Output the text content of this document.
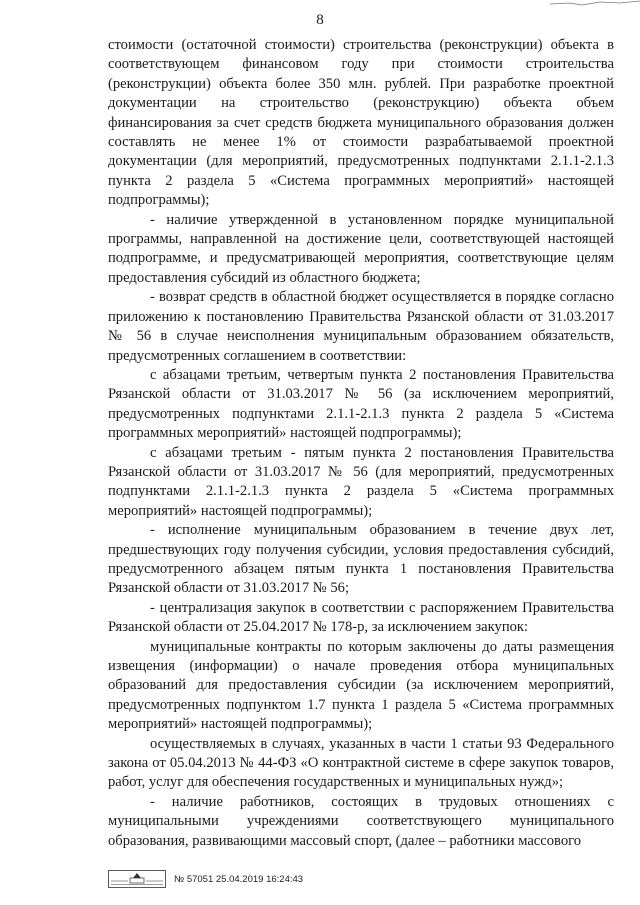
8

стоимости (остаточной стоимости) строительства (реконструкции) объекта в соответствующем финансовом году при стоимости строительства (реконструкции) объекта более 350 млн. рублей. При разработке проектной документации на строительство (реконструкцию) объекта объем финансирования за счет средств бюджета муниципального образования должен составлять не менее 1% от стоимости разрабатываемой проектной документации (для мероприятий, предусмотренных подпунктами 2.1.1-2.1.3 пункта 2 раздела 5 «Система программных мероприятий» настоящей подпрограммы);

- наличие утвержденной в установленном порядке муниципальной программы, направленной на достижение цели, соответствующей настоящей подпрограмме, и предусматривающей мероприятия, соответствующие целям предоставления субсидий из областного бюджета;

- возврат средств в областной бюджет осуществляется в порядке согласно приложению к постановлению Правительства Рязанской области от 31.03.2017 № 56 в случае неисполнения муниципальным образованием обязательств, предусмотренных соглашением в соответствии:

с абзацами третьим, четвертым пункта 2 постановления Правительства Рязанской области от 31.03.2017 № 56 (за исключением мероприятий, предусмотренных подпунктами 2.1.1-2.1.3 пункта 2 раздела 5 «Система программных мероприятий» настоящей подпрограммы);

с абзацами третьим - пятым пункта 2 постановления Правительства Рязанской области от 31.03.2017 № 56 (для мероприятий, предусмотренных подпунктами 2.1.1-2.1.3 пункта 2 раздела 5 «Система программных мероприятий» настоящей подпрограммы);

- исполнение муниципальным образованием в течение двух лет, предшествующих году получения субсидии, условия предоставления субсидий, предусмотренного абзацем пятым пункта 1 постановления Правительства Рязанской области от 31.03.2017 № 56;

- централизация закупок в соответствии с распоряжением Правительства Рязанской области от 25.04.2017 № 178-р, за исключением закупок:

муниципальные контракты по которым заключены до даты размещения извещения (информации) о начале проведения отбора муниципальных образований для предоставления субсидии (за исключением мероприятий, предусмотренных подпунктом 1.7 пункта 1 раздела 5 «Система программных мероприятий» настоящей подпрограммы);

осуществляемых в случаях, указанных в части 1 статьи 93 Федерального закона от 05.04.2013 № 44-ФЗ «О контрактной системе в сфере закупок товаров, работ, услуг для обеспечения государственных и муниципальных нужд»;

- наличие работников, состоящих в трудовых отношениях с муниципальными учреждениями соответствующего муниципального образования, развивающими массовый спорт, (далее – работники массового

№ 57051 25.04.2019 16:24:43
